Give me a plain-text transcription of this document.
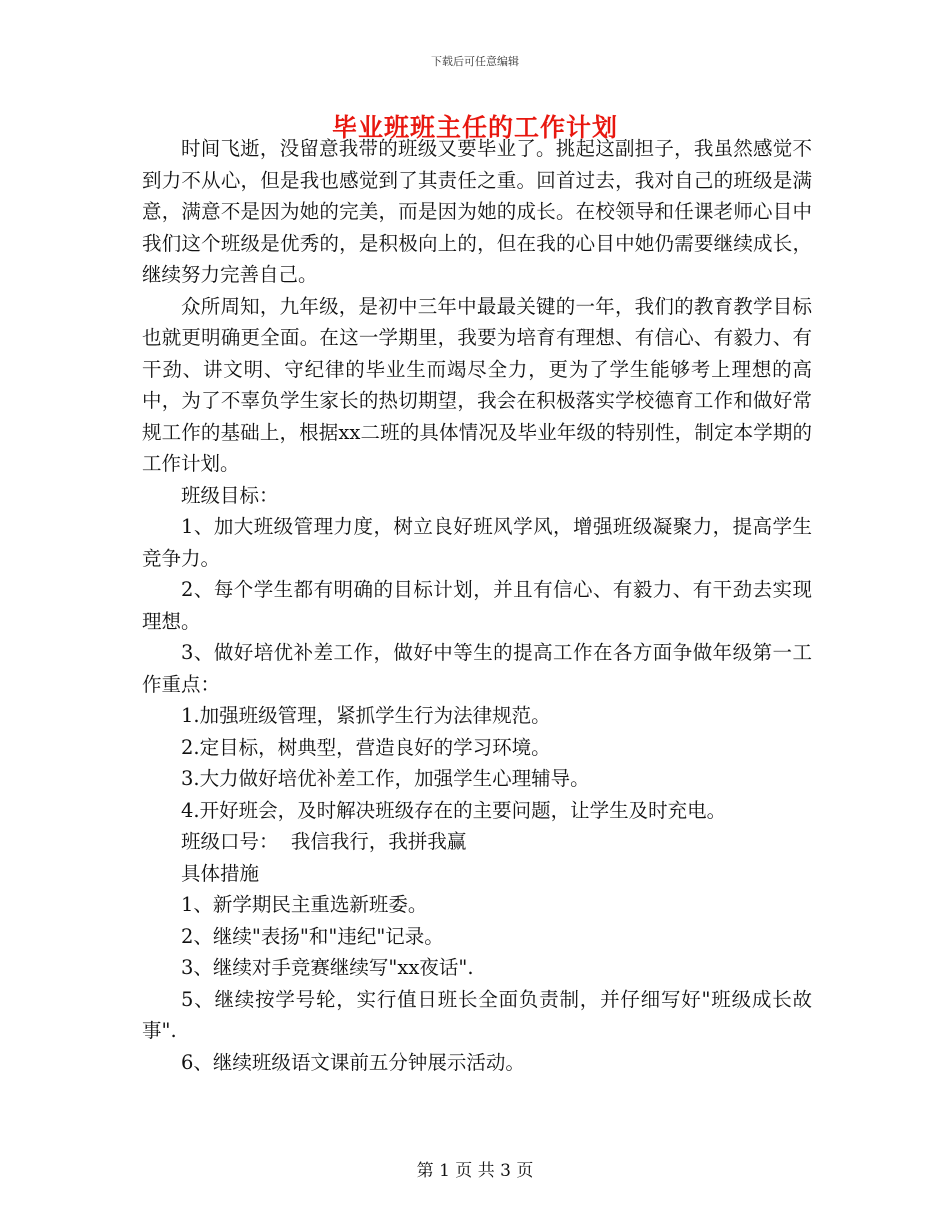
下载后可任意编辑
毕业班班主任的工作计划

时间飞逝，没留意我带的班级又要毕业了。挑起这副担子，我虽然感觉不到力不从心，但是我也感觉到了其责任之重。回首过去，我对自己的班级是满意，满意不是因为她的完美，而是因为她的成长。在校领导和任课老师心目中我们这个班级是优秀的，是积极向上的，但在我的心目中她仍需要继续成长，继续努力完善自己。

众所周知，九年级，是初中三年中最最关键的一年，我们的教育教学目标也就更明确更全面。在这一学期里，我要为培育有理想、有信心、有毅力、有干劲、讲文明、守纪律的毕业生而竭尽全力，更为了学生能够考上理想的高中，为了不辜负学生家长的热切期望，我会在积极落实学校德育工作和做好常规工作的基础上，根据xx二班的具体情况及毕业年级的特别性，制定本学期的工作计划。

班级目标：

1、加大班级管理力度，树立良好班风学风，增强班级凝聚力，提高学生竞争力。

2、每个学生都有明确的目标计划，并且有信心、有毅力、有干劲去实现理想。

3、做好培优补差工作，做好中等生的提高工作在各方面争做年级第一工作重点：

1.加强班级管理，紧抓学生行为法律规范。

2.定目标，树典型，营造良好的学习环境。

3.大力做好培优补差工作，加强学生心理辅导。

4.开好班会，及时解决班级存在的主要问题，让学生及时充电。

班级口号：  我信我行，我拼我赢

具体措施

1、新学期民主重选新班委。

2、继续"表扬"和"违纪"记录。

3、继续对手竞赛继续写"xx夜话".

5、继续按学号轮，实行值日班长全面负责制，并仔细写好"班级成长故事".

6、继续班级语文课前五分钟展示活动。

第 1 页 共 3 页
